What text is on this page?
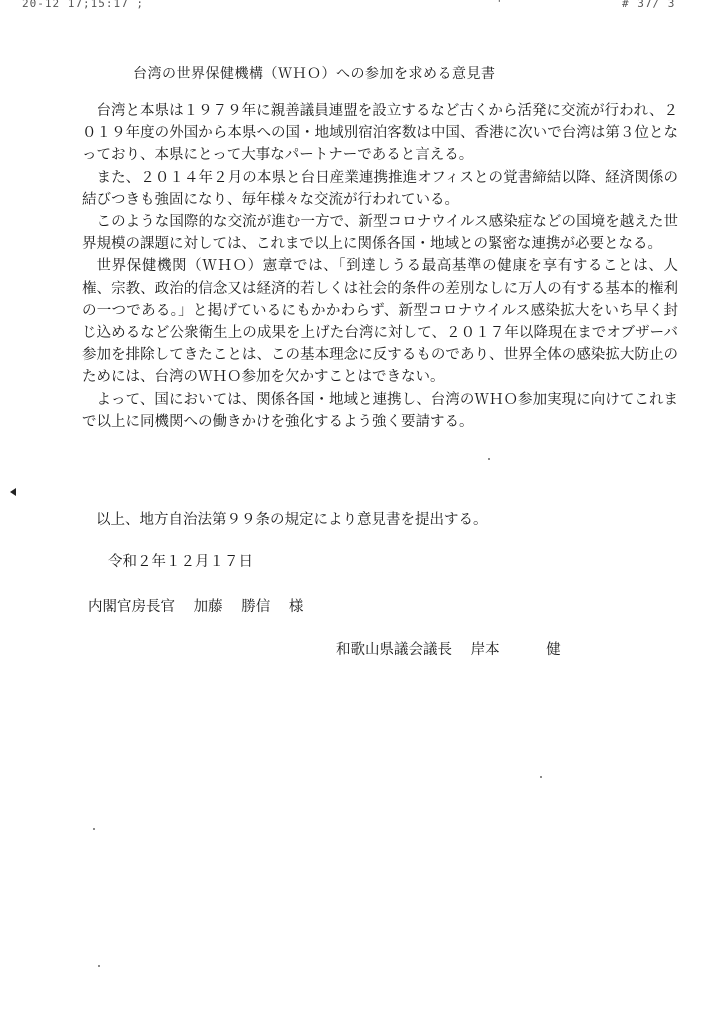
20-12 17;15:17 ;	'	# 37/ 3
台湾の世界保健機構（ＷＨＯ）への参加を求める意見書

台湾と本県は１９７９年に親善議員連盟を設立するなど古くから活発に交流が行われ、２０１９年度の外国から本県への国・地域別宿泊客数は中国、香港に次いで台湾は第３位となっており、本県にとって大事なパートナーであると言える。

また、２０１４年２月の本県と台日産業連携推進オフィスとの覚書締結以降、経済関係の結びつきも強固になり、毎年様々な交流が行われている。

このような国際的な交流が進む一方で、新型コロナウイルス感染症などの国境を越えた世界規模の課題に対しては、これまで以上に関係各国・地域との緊密な連携が必要となる。

世界保健機関（ＷＨＯ）憲章では、「到達しうる最高基準の健康を享有することは、人権、宗教、政治的信念又は経済的若しくは社会的条件の差別なしに万人の有する基本的権利の一つである。」と掲げているにもかかわらず、新型コロナウイルス感染拡大をいち早く封じ込めるなど公衆衛生上の成果を上げた台湾に対して、２０１７年以降現在までオブザーバ参加を排除してきたことは、この基本理念に反するものであり、世界全体の感染拡大防止のためには、台湾のＷＨＯ参加を欠かすことはできない。

よって、国においては、関係各国・地域と連携し、台湾のＷＨＯ参加実現に向けてこれまで以上に同機関への働きかけを強化するよう強く要請する。

以上、地方自治法第９９条の規定により意見書を提出する。
令和２年１２月１７日
内閣官房長官 加藤 勝信 様
和歌山県議会議長 岸本	健
